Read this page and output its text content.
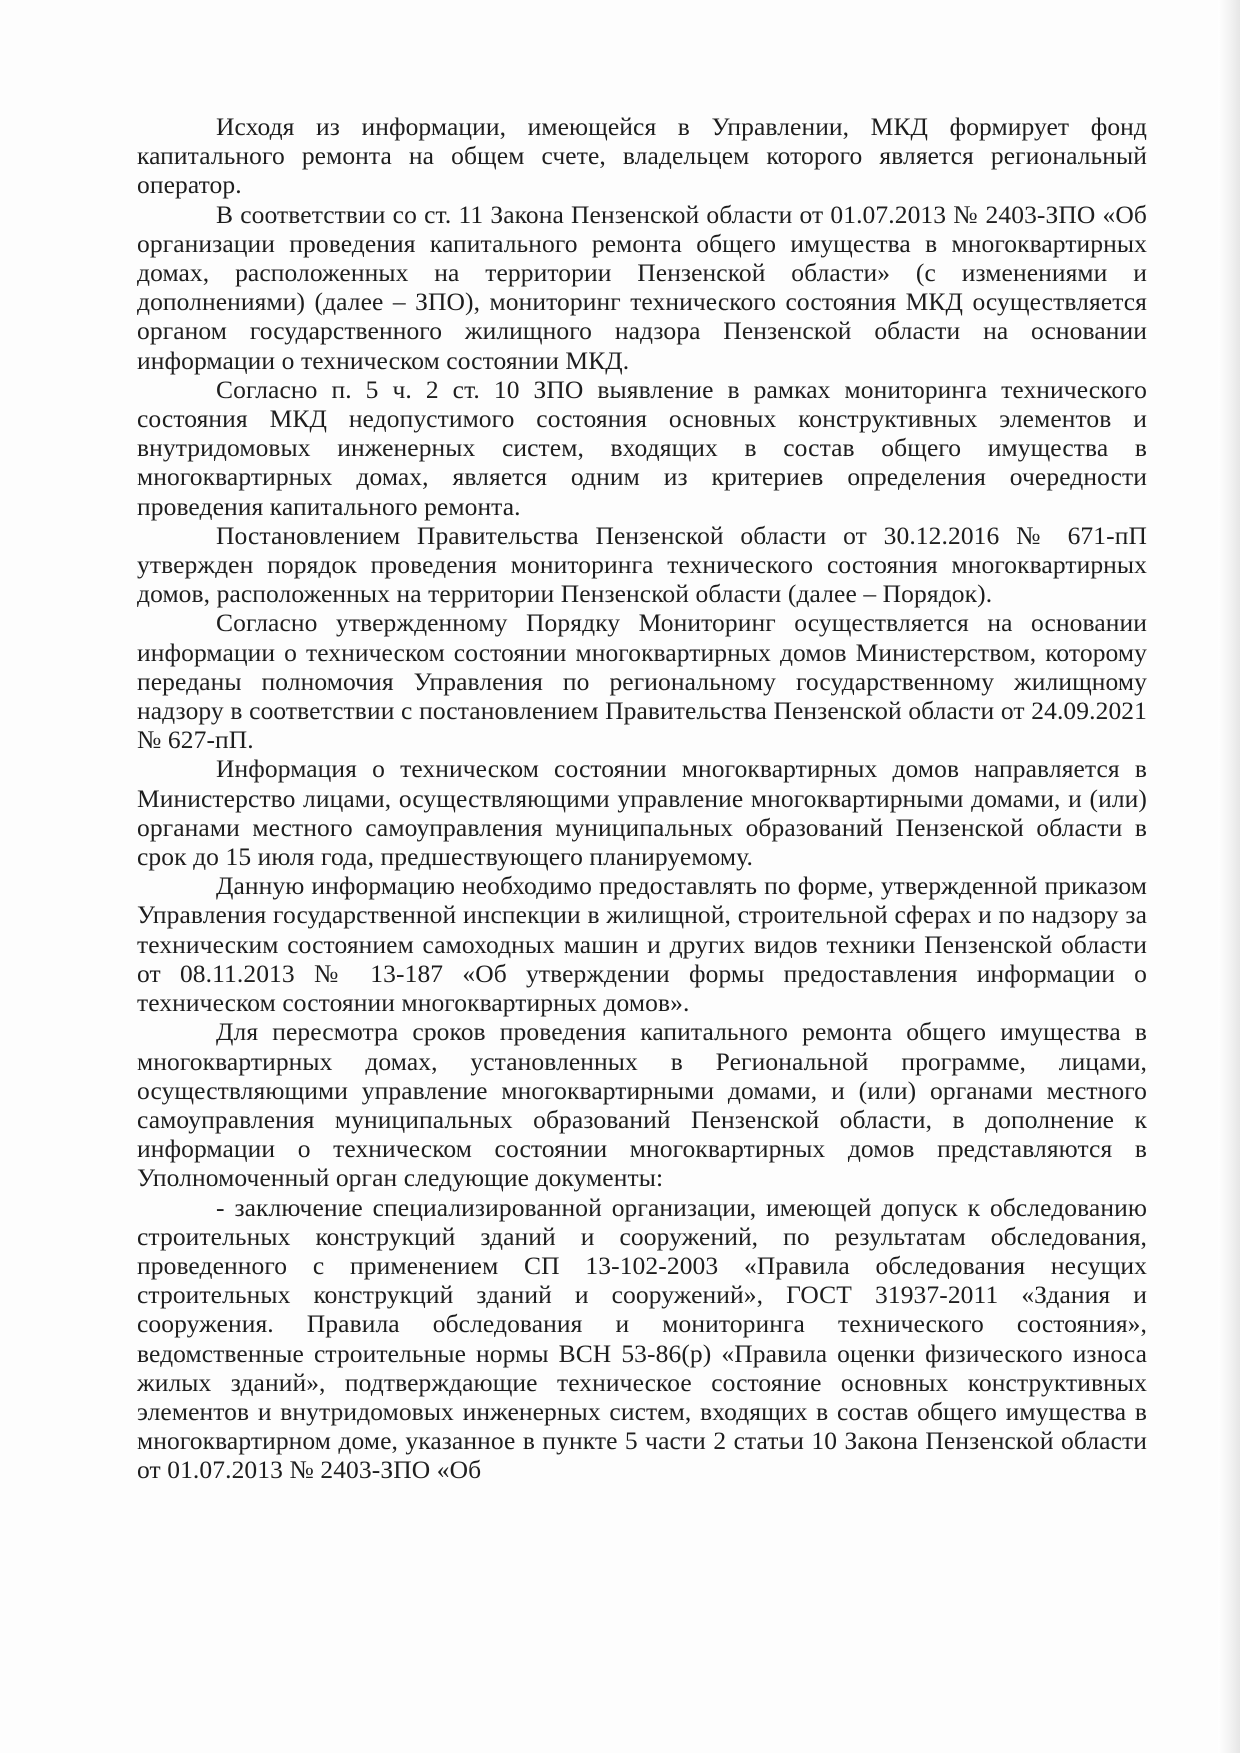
Исходя из информации, имеющейся в Управлении, МКД формирует фонд капитального ремонта на общем счете, владельцем которого является региональный оператор.

В соответствии со ст. 11 Закона Пензенской области от 01.07.2013 № 2403-ЗПО «Об организации проведения капитального ремонта общего имущества в многоквартирных домах, расположенных на территории Пензенской области» (с изменениями и дополнениями) (далее – ЗПО), мониторинг технического состояния МКД осуществляется органом государственного жилищного надзора Пензенской области на основании информации о техническом состоянии МКД.

Согласно п. 5 ч. 2 ст. 10 ЗПО выявление в рамках мониторинга технического состояния МКД недопустимого состояния основных конструктивных элементов и внутридомовых инженерных систем, входящих в состав общего имущества в многоквартирных домах, является одним из критериев определения очередности проведения капитального ремонта.

Постановлением Правительства Пензенской области от 30.12.2016 № 671-пП утвержден порядок проведения мониторинга технического состояния многоквартирных домов, расположенных на территории Пензенской области (далее – Порядок).

Согласно утвержденному Порядку Мониторинг осуществляется на основании информации о техническом состоянии многоквартирных домов Министерством, которому переданы полномочия Управления по региональному государственному жилищному надзору в соответствии с постановлением Правительства Пензенской области от 24.09.2021 № 627-пП.

Информация о техническом состоянии многоквартирных домов направляется в Министерство лицами, осуществляющими управление многоквартирными домами, и (или) органами местного самоуправления муниципальных образований Пензенской области в срок до 15 июля года, предшествующего планируемому.

Данную информацию необходимо предоставлять по форме, утвержденной приказом Управления государственной инспекции в жилищной, строительной сферах и по надзору за техническим состоянием самоходных машин и других видов техники Пензенской области от 08.11.2013 № 13-187 «Об утверждении формы предоставления информации о техническом состоянии многоквартирных домов».

Для пересмотра сроков проведения капитального ремонта общего имущества в многоквартирных домах, установленных в Региональной программе, лицами, осуществляющими управление многоквартирными домами, и (или) органами местного самоуправления муниципальных образований Пензенской области, в дополнение к информации о техническом состоянии многоквартирных домов представляются в Уполномоченный орган следующие документы:

- заключение специализированной организации, имеющей допуск к обследованию строительных конструкций зданий и сооружений, по результатам обследования, проведенного с применением СП 13-102-2003 «Правила обследования несущих строительных конструкций зданий и сооружений», ГОСТ 31937-2011 «Здания и сооружения. Правила обследования и мониторинга технического состояния», ведомственные строительные нормы ВСН 53-86(р) «Правила оценки физического износа жилых зданий», подтверждающие техническое состояние основных конструктивных элементов и внутридомовых инженерных систем, входящих в состав общего имущества в многоквартирном доме, указанное в пункте 5 части 2 статьи 10 Закона Пензенской области от 01.07.2013 № 2403-ЗПО «Об
